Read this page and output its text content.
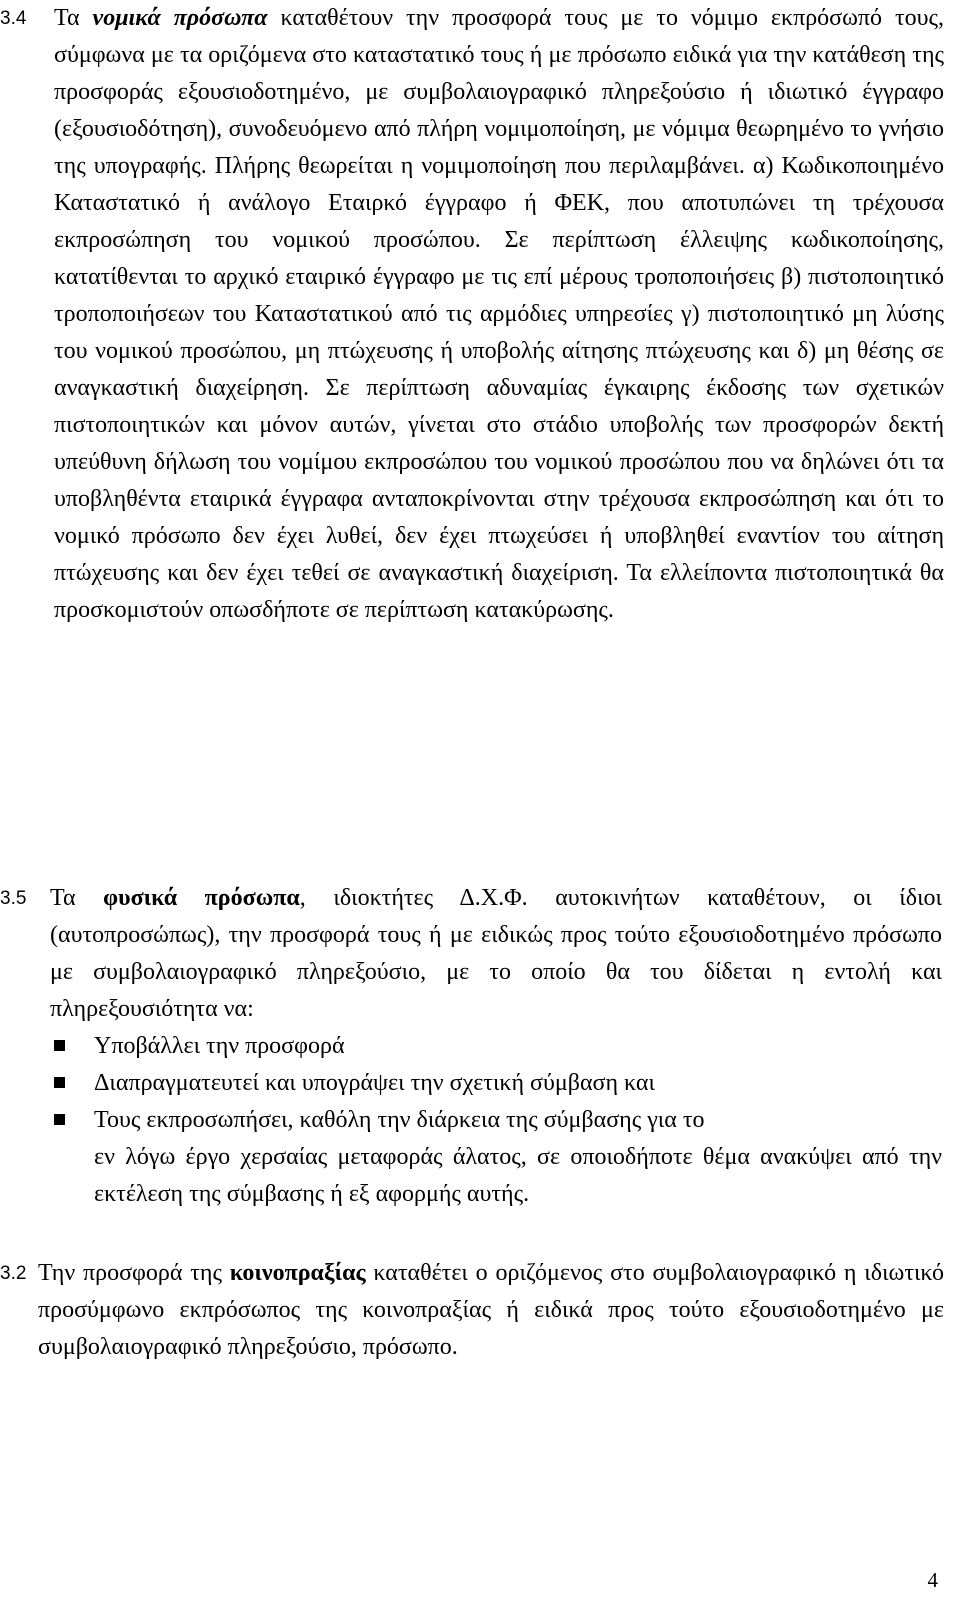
3.4	Τα νομικά πρόσωπα καταθέτουν την προσφορά τους με το νόμιμο εκπρόσωπό τους, σύμφωνα με τα οριζόμενα στο καταστατικό τους ή με πρόσωπο ειδικά για την κατάθεση της προσφοράς εξουσιοδοτημένο, με συμβολαιογραφικό πληρεξούσιο ή ιδιωτικό έγγραφο (εξουσιοδότηση), συνοδευόμενο από πλήρη νομιμοποίηση, με νόμιμα θεωρημένο το γνήσιο της υπογραφής. Πλήρης θεωρείται η νομιμοποίηση που περιλαμβάνει. α) Κωδικοποιημένο Καταστατικό ή ανάλογο Εταιρκό έγγραφο ή ΦΕΚ, που αποτυπώνει τη τρέχουσα εκπροσώπηση του νομικού προσώπου. Σε περίπτωση έλλειψης κωδικοποίησης, κατατίθενται το αρχικό εταιρικό έγγραφο με τις επί μέρους τροποποιήσεις β) πιστοποιητικό τροποποιήσεων του Καταστατικού από τις αρμόδιες υπηρεσίες γ) πιστοποιητικό μη λύσης του νομικού προσώπου, μη πτώχευσης ή υποβολής αίτησης πτώχευσης και δ) μη θέσης σε αναγκαστική διαχείρηση. Σε περίπτωση αδυναμίας έγκαιρης έκδοσης των σχετικών πιστοποιητικών και μόνον αυτών, γίνεται στο στάδιο υποβολής των προσφορών δεκτή υπεύθυνη δήλωση του νομίμου εκπροσώπου του νομικού προσώπου που να δηλώνει ότι τα υποβληθέντα εταιρικά έγγραφα ανταποκρίνονται στην τρέχουσα εκπροσώπηση και ότι το νομικό πρόσωπο δεν έχει λυθεί, δεν έχει πτωχεύσει ή υποβληθεί εναντίον του αίτηση πτώχευσης και δεν έχει τεθεί σε αναγκαστική διαχείριση. Τα ελλείποντα πιστοποιητικά θα προσκομιστούν οπωσδήποτε σε περίπτωση κατακύρωσης.
3.5 Τα φυσικά πρόσωπα, ιδιοκτήτες Δ.Χ.Φ. αυτοκινήτων καταθέτουν, οι ίδιοι (αυτοπροσώπως), την προσφορά τους ή με ειδικώς προς τούτο εξουσιοδοτημένο πρόσωπο με συμβολαιογραφικό πληρεξούσιο, με το οποίο θα του δίδεται η εντολή και πληρεξουσιότητα να:
Υποβάλλει την προσφορά
Διαπραγματευτεί και υπογράψει την σχετική σύμβαση και
Τους εκπροσωπήσει, καθόλη την διάρκεια της σύμβασης για το
εν λόγω έργο χερσαίας μεταφοράς άλατος, σε οποιοδήποτε θέμα ανακύψει από την εκτέλεση της σύμβασης ή εξ αφορμής αυτής.
3.2 Την προσφορά της κοινοπραξίας καταθέτει ο οριζόμενος στο συμβολαιογραφικό η ιδιωτικό προσύμφωνο εκπρόσωπος της κοινοπραξίας ή ειδικά προς τούτο εξουσιοδοτημένο με συμβολαιογραφικό πληρεξούσιο, πρόσωπο.
4
